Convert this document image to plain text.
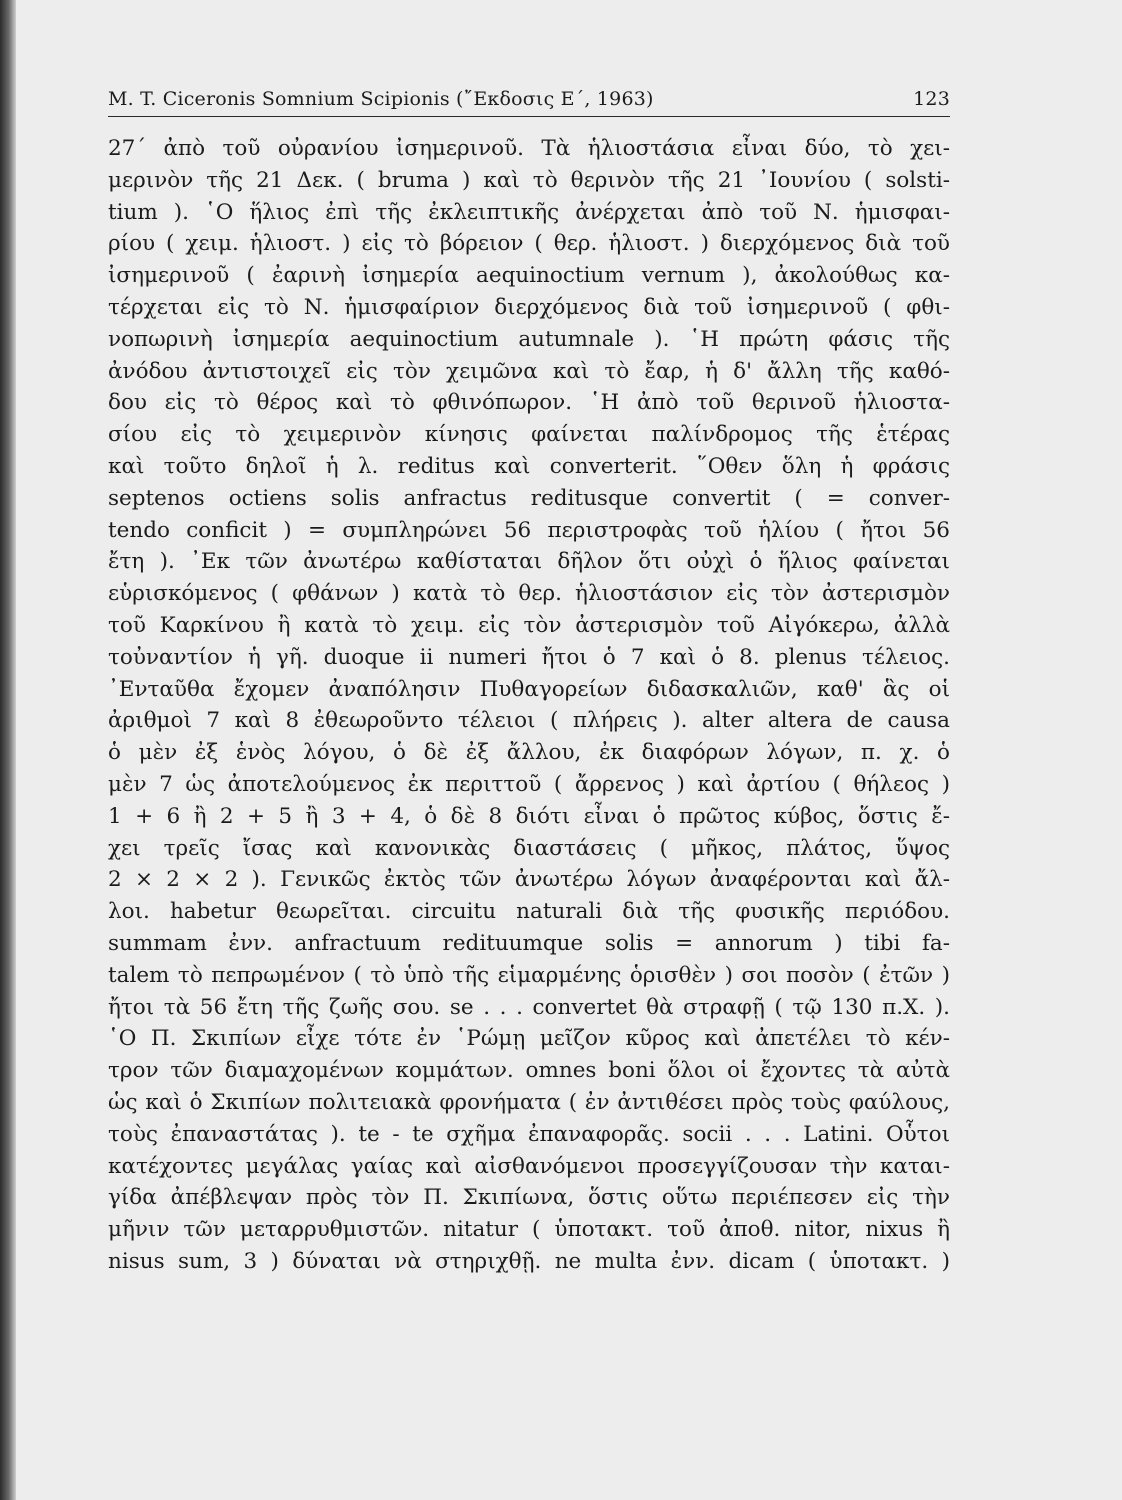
M. T. Ciceronis Somnium Scipionis (῎Εκδοσις Ε΄, 1963)	123
27΄ ἀπὸ τοῦ οὐρανίου ἰσημερινοῦ. Τὰ ἡλιοστάσια εἶναι δύο, τὸ χει-
μερινὸν τῆς 21 Δεκ. ( bruma ) καὶ τὸ θερινὸν τῆς 21 ᾿Ιουνίου ( solsti-
tium ). ῾Ο ἥλιος ἐπὶ τῆς ἐκλειπτικῆς ἀνέρχεται ἀπὸ τοῦ Ν. ἡμισφαι-
ρίου ( χειμ. ἡλιοστ. ) εἰς τὸ βόρειον ( θερ. ἡλιοστ. ) διερχόμενος διὰ τοῦ
ἰσημερινοῦ ( ἐαρινὴ ἰσημερία aequinoctium vernum ), ἀκολούθως κα-
τέρχεται εἰς τὸ Ν. ἡμισφαίριον διερχόμενος διὰ τοῦ ἰσημερινοῦ ( φθι-
νοπωρινὴ ἰσημερία aequinoctium autumnale ). ῾Η πρώτη φάσις τῆς
ἀνόδου ἀντιστοιχεῖ εἰς τὸν χειμῶνα καὶ τὸ ἔαρ, ἡ δ' ἄλλη τῆς καθό-
δου εἰς τὸ θέρος καὶ τὸ φθινόπωρον. ῾Η ἀπὸ τοῦ θερινοῦ ἡλιοστα-
σίου εἰς τὸ χειμερινὸν κίνησις φαίνεται παλίνδρομος τῆς ἑτέρας
καὶ τοῦτο δηλοῖ ἡ λ. reditus καὶ converterit. ῞Οθεν ὅλη ἡ φράσις
septenos octiens solis anfractus reditusque convertit ( = conver-
tendo conficit ) = συμπληρώνει 56 περιστροφὰς τοῦ ἡλίου ( ἤτοι 56
ἔτη ). ᾿Εκ τῶν ἀνωτέρω καθίσταται δῆλον ὅτι οὐχὶ ὁ ἥλιος φαίνεται
εὑρισκόμενος ( φθάνων ) κατὰ τὸ θερ. ἡλιοστάσιον εἰς τὸν ἀστερισμὸν
τοῦ Καρκίνου ἢ κατὰ τὸ χειμ. εἰς τὸν ἀστερισμὸν τοῦ Αἰγόκερω, ἀλλὰ
τοὐναντίον ἡ γῆ. duoque ii numeri ἤτοι ὁ 7 καὶ ὁ 8. plenus τέλειος.
᾿Ενταῦθα ἔχομεν ἀναπόλησιν Πυθαγορείων διδασκαλιῶν, καθ' ἃς οἱ
ἀριθμοὶ 7 καὶ 8 ἐθεωροῦντο τέλειοι ( πλήρεις ). alter altera de causa
ὁ μὲν ἐξ ἑνὸς λόγου, ὁ δὲ ἐξ ἄλλου, ἐκ διαφόρων λόγων, π. χ. ὁ
μὲν 7 ὡς ἀποτελούμενος ἐκ περιττοῦ ( ἄρρενος ) καὶ ἀρτίου ( θήλεος )
1 + 6 ἢ 2 + 5 ἢ 3 + 4, ὁ δὲ 8 διότι εἶναι ὁ πρῶτος κύβος, ὅστις ἔ-
χει τρεῖς ἴσας καὶ κανονικὰς διαστάσεις ( μῆκος, πλάτος, ὕψος
2 × 2 × 2 ). Γενικῶς ἐκτὸς τῶν ἀνωτέρω λόγων ἀναφέρονται καὶ ἄλ-
λοι. habetur θεωρεῖται. circuitu naturali διὰ τῆς φυσικῆς περιόδου.
summam ἐνν. anfractuum redituumque solis = annorum ) tibi fa-
talem τὸ πεπρωμένον ( τὸ ὑπὸ τῆς εἱμαρμένης ὁρισθὲν ) σοι ποσὸν ( ἐτῶν )
ἤτοι τὰ 56 ἔτη τῆς ζωῆς σου. se . . . convertet θὰ στραφῇ ( τῷ 130 π.Χ. ).
῾Ο Π. Σκιπίων εἶχε τότε ἐν ῾Ρώμῃ μεῖζον κῦρος καὶ ἀπετέλει τὸ κέν-
τρον τῶν διαμαχομένων κομμάτων. omnes boni ὅλοι οἱ ἔχοντες τὰ αὐτὰ
ὡς καὶ ὁ Σκιπίων πολιτειακὰ φρονήματα ( ἐν ἀντιθέσει πρὸς τοὺς φαύλους,
τοὺς ἐπαναστάτας ). te - te σχῆμα ἐπαναφορᾶς. socii . . . Latini. Οὗτοι
κατέχοντες μεγάλας γαίας καὶ αἰσθανόμενοι προσεγγίζουσαν τὴν καται-
γίδα ἀπέβλεψαν πρὸς τὸν Π. Σκιπίωνα, ὅστις οὕτω περιέπεσεν εἰς τὴν
μῆνιν τῶν μεταρρυθμιστῶν. nitatur ( ὑποτακτ. τοῦ ἀποθ. nitor, nixus ἢ
nisus sum, 3 ) δύναται νὰ στηριχθῇ. ne multa ἐνν. dicam ( ὑποτακτ. )
